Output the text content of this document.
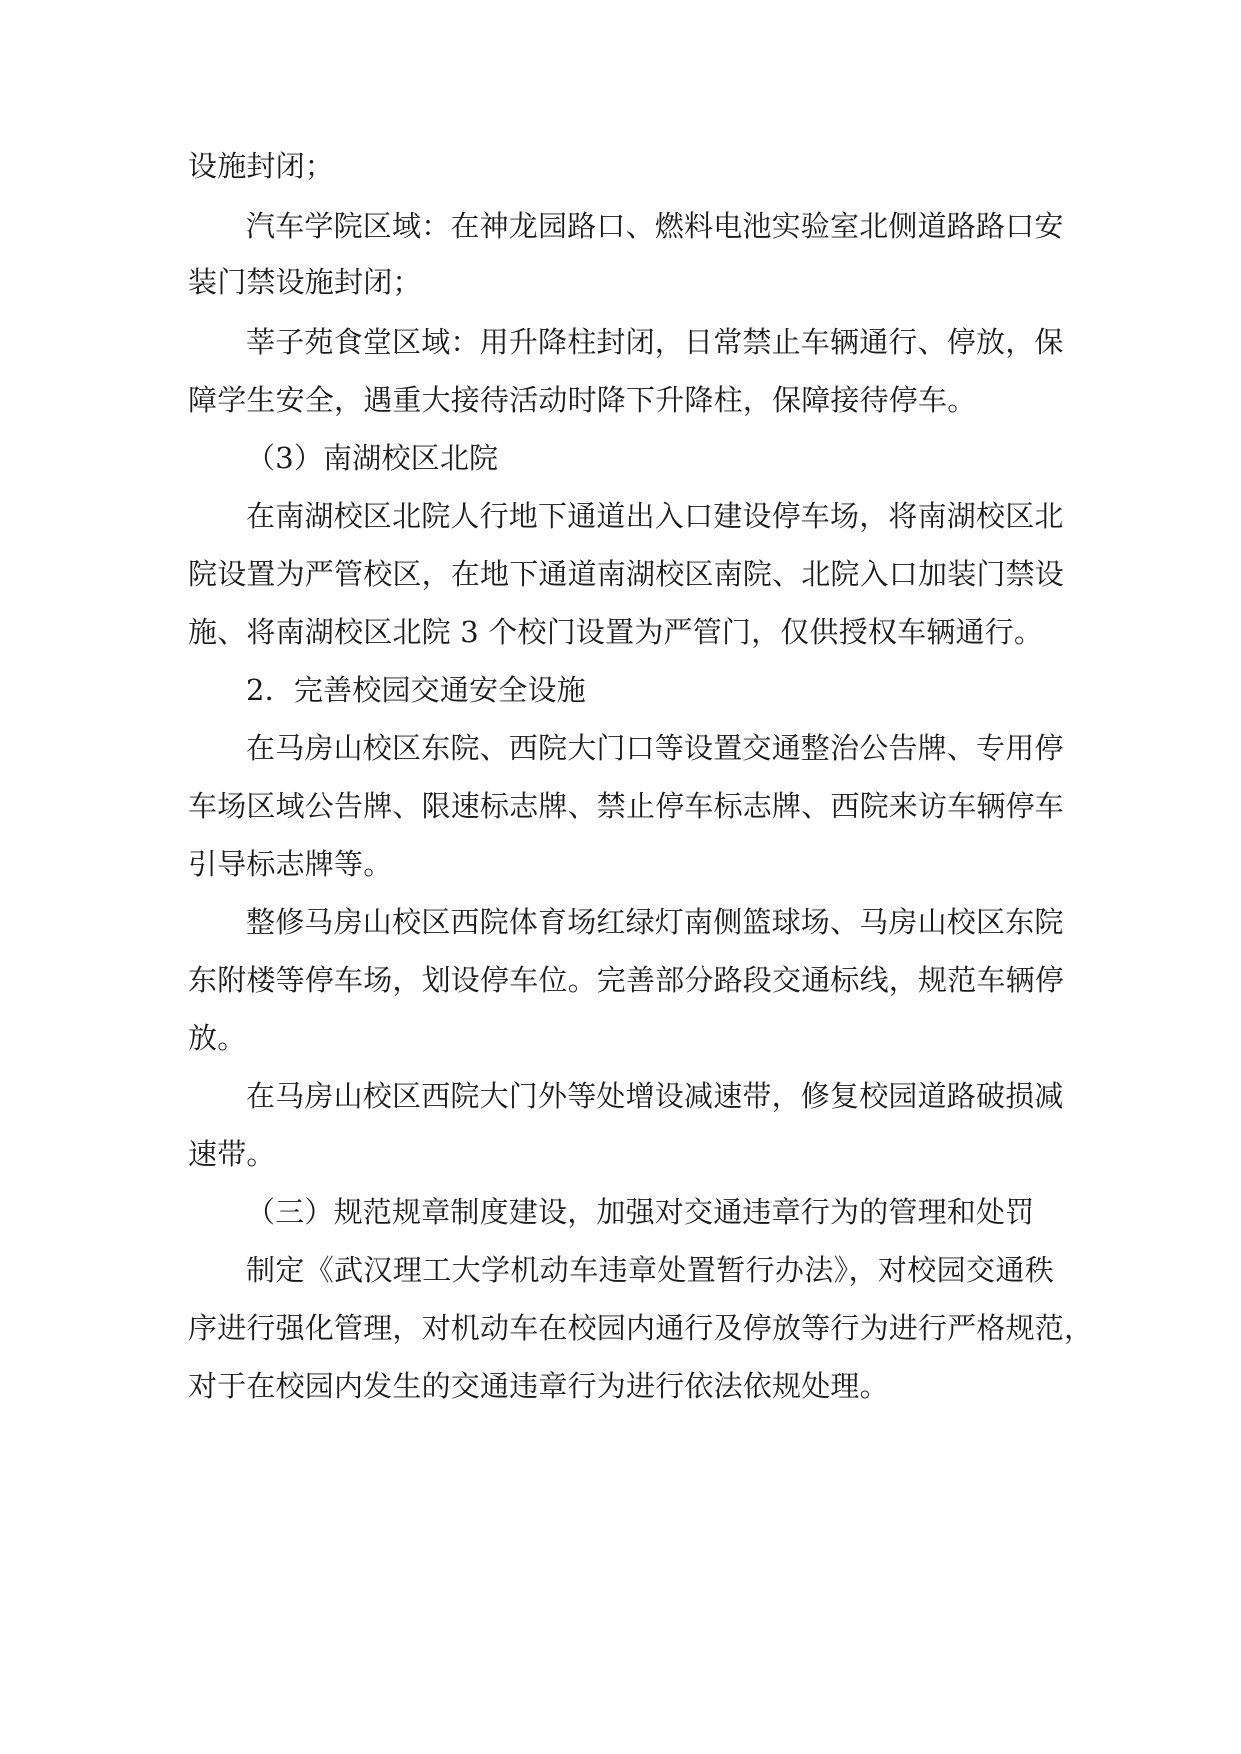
设施封闭；
汽车学院区域：在神龙园路口、燃料电池实验室北侧道路路口安
装门禁设施封闭；
莘子苑食堂区域：用升降柱封闭，日常禁止车辆通行、停放，保
障学生安全，遇重大接待活动时降下升降柱，保障接待停车。
（3）南湖校区北院
在南湖校区北院人行地下通道出入口建设停车场，将南湖校区北
院设置为严管校区，在地下通道南湖校区南院、北院入口加装门禁设
施、将南湖校区北院 3 个校门设置为严管门，仅供授权车辆通行。
2．完善校园交通安全设施
在马房山校区东院、西院大门口等设置交通整治公告牌、专用停
车场区域公告牌、限速标志牌、禁止停车标志牌、西院来访车辆停车
引导标志牌等。
整修马房山校区西院体育场红绿灯南侧篮球场、马房山校区东院
东附楼等停车场，划设停车位。完善部分路段交通标线，规范车辆停
放。
在马房山校区西院大门外等处增设减速带，修复校园道路破损减
速带。
（三）规范规章制度建设，加强对交通违章行为的管理和处罚
制定《武汉理工大学机动车违章处置暂行办法》，对校园交通秩
序进行强化管理，对机动车在校园内通行及停放等行为进行严格规范，
对于在校园内发生的交通违章行为进行依法依规处理。
